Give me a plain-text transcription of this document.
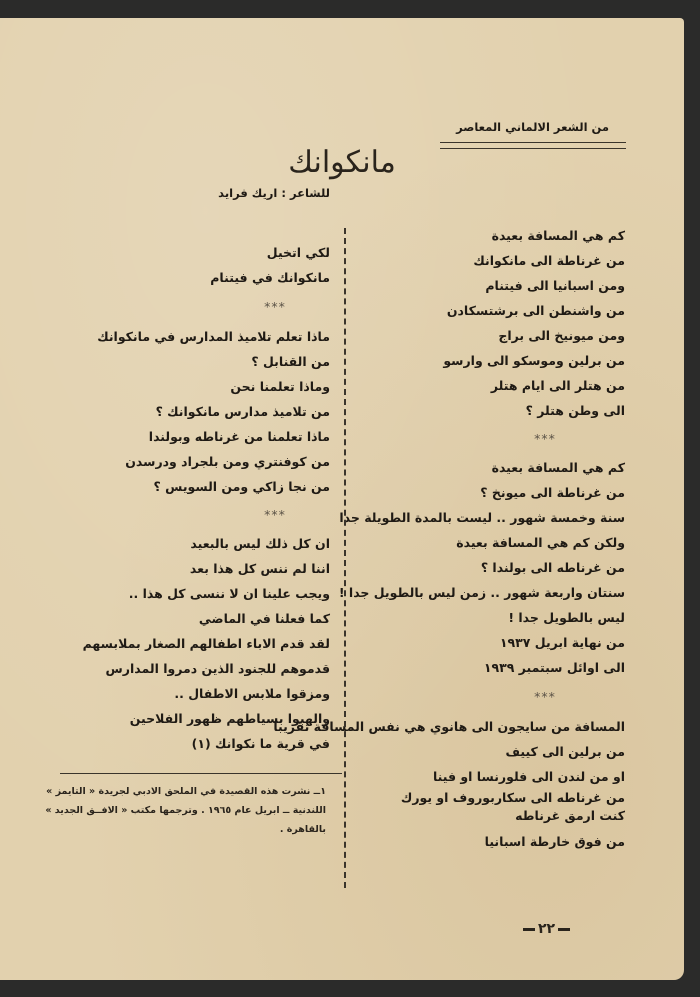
من الشعر الالماني المعاصر
مانكوانك
للشاعر : اريك فرايد
كم هي المسافة بعيدة
من غرناطة الى مانكوانك
ومن اسبانيا الى فيتنام
من واشنطن الى برشتسكادن
ومن ميونيخ الى براج
من برلين وموسكو الى وارسو
من هتلر الى ايام هتلر
الى وطن هتلر ؟
***
كم هي المسافة بعيدة
من غرناطة الى ميونخ ؟
سنة وخمسة شهور .. ليست بالمدة الطويلة جدا
ولكن كم هي المسافة بعيدة
من غرناطه الى بولندا ؟
سنتان واربعة شهور .. زمن ليس بالطويل جدا !
ليس بالطويل جدا !
من نهاية ابريل ١٩٣٧
الى اوائل سبتمبر ١٩٣٩
***
المسافة من سايجون الى هانوي هي نفس المسافة تقريبا
من برلين الى كييف
او من لندن الى فلورنسا او فينا
من غرناطه الى سكاربوروف او يورك
كنت ارمق غرناطه
من فوق خارطة اسبانيا
لكي اتخيل
مانكوانك في فيتنام
***
ماذا تعلم تلاميذ المدارس في مانكوانك
من القنابل ؟
وماذا تعلمنا نحن
من تلاميذ مدارس مانكوانك ؟
ماذا تعلمنا من غرناطه وبولندا
من كوفنتري ومن بلجراد ودرسدن
من نجا زاكي ومن السويس ؟
***
ان كل ذلك ليس بالبعيد
اننا لم ننس كل هذا بعد
ويجب علينا ان لا ننسى كل هذا ..
كما فعلنا في الماضي
لقد قدم الاباء اطفالهم الصغار بملابسهم
قدموهم للجنود الذين دمروا المدارس
ومزقوا ملابس الاطفال ..
والهبوا بسياطهم ظهور الفلاحين
في قرية ما نكوانك (١)
١ــ نشرت هذه القصيدة في الملحق الادبي لجريدة « التايمز » اللندنية ــ ابريل عام ١٩٦٥ . وترجمها مكتب « الافــق الجديد » بالقاهرة .
٢٢
